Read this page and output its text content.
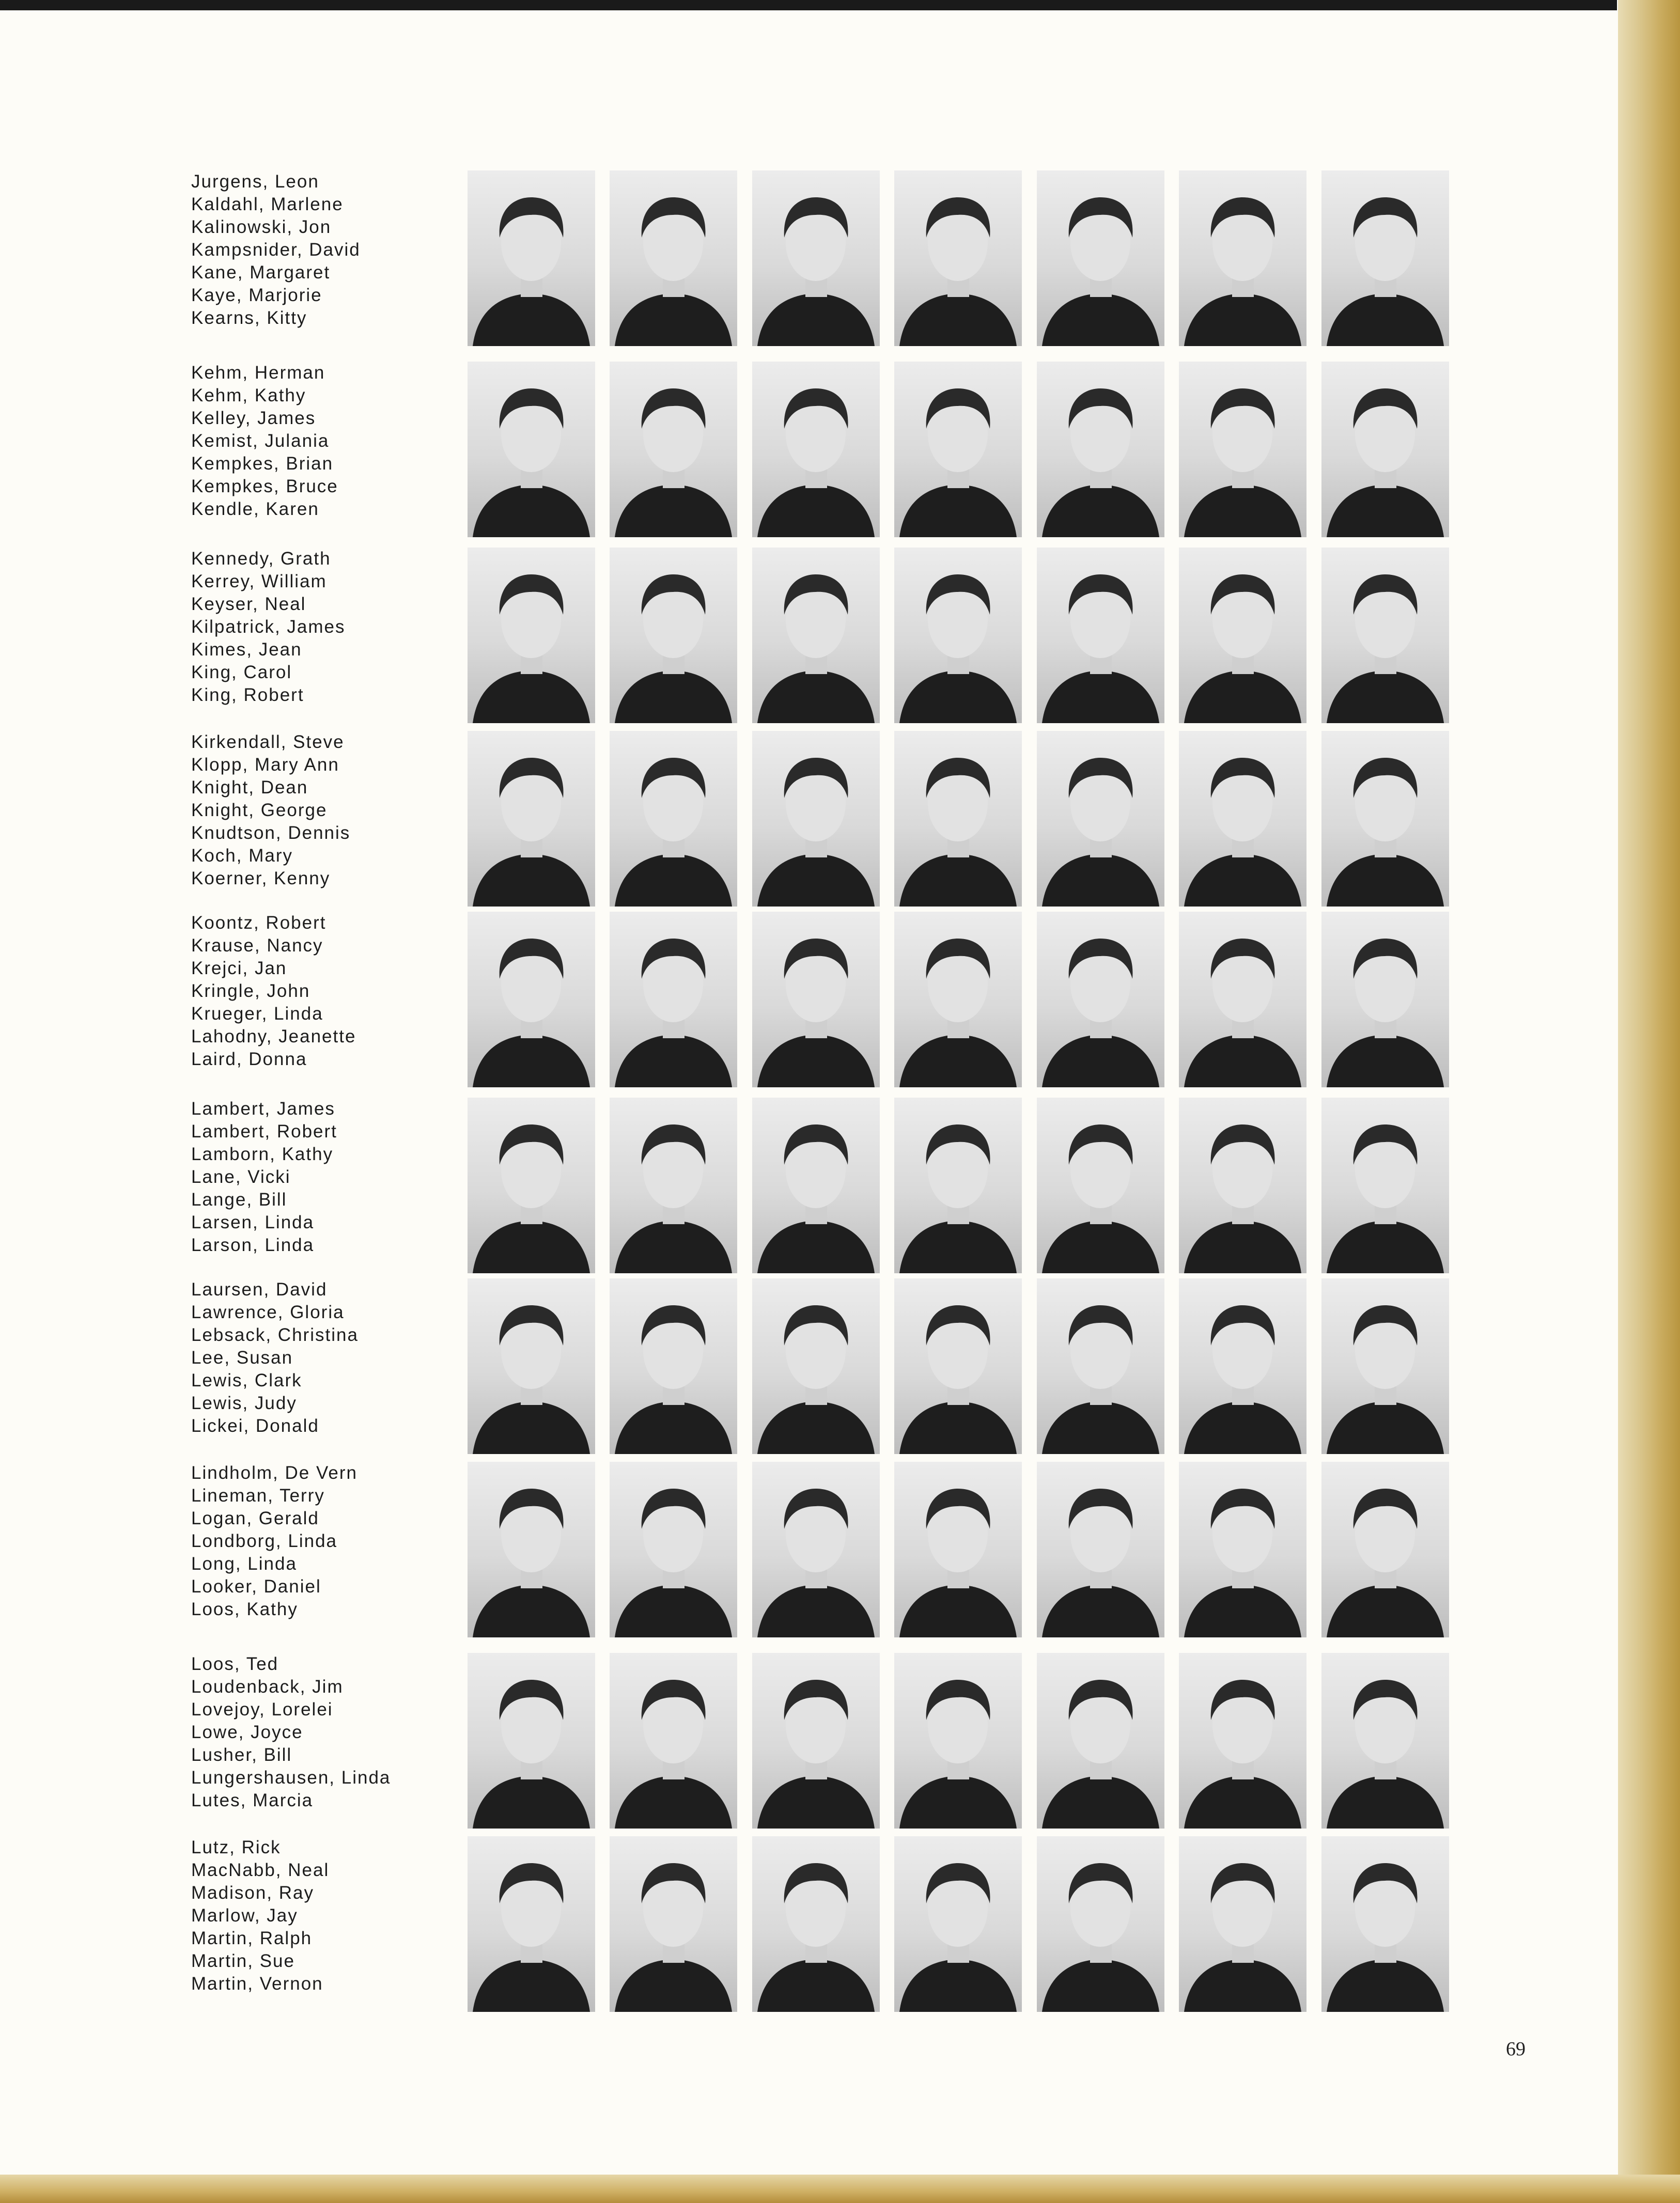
Jurgens, Leon
Kaldahl, Marlene
Kalinowski, Jon
Kampsnider, David
Kane, Margaret
Kaye, Marjorie
Kearns, Kitty
Kehm, Herman
Kehm, Kathy
Kelley, James
Kemist, Julania
Kempkes, Brian
Kempkes, Bruce
Kendle, Karen
Kennedy, Grath
Kerrey, William
Keyser, Neal
Kilpatrick, James
Kimes, Jean
King, Carol
King, Robert
Kirkendall, Steve
Klopp, Mary Ann
Knight, Dean
Knight, George
Knudtson, Dennis
Koch, Mary
Koerner, Kenny
Koontz, Robert
Krause, Nancy
Krejci, Jan
Kringle, John
Krueger, Linda
Lahodny, Jeanette
Laird, Donna
Lambert, James
Lambert, Robert
Lamborn, Kathy
Lane, Vicki
Lange, Bill
Larsen, Linda
Larson, Linda
Laursen, David
Lawrence, Gloria
Lebsack, Christina
Lee, Susan
Lewis, Clark
Lewis, Judy
Lickei, Donald
Lindholm, De Vern
Lineman, Terry
Logan, Gerald
Londborg, Linda
Long, Linda
Looker, Daniel
Loos, Kathy
Loos, Ted
Loudenback, Jim
Lovejoy, Lorelei
Lowe, Joyce
Lusher, Bill
Lungershausen, Linda
Lutes, Marcia
Lutz, Rick
MacNabb, Neal
Madison, Ray
Marlow, Jay
Martin, Ralph
Martin, Sue
Martin, Vernon
69
